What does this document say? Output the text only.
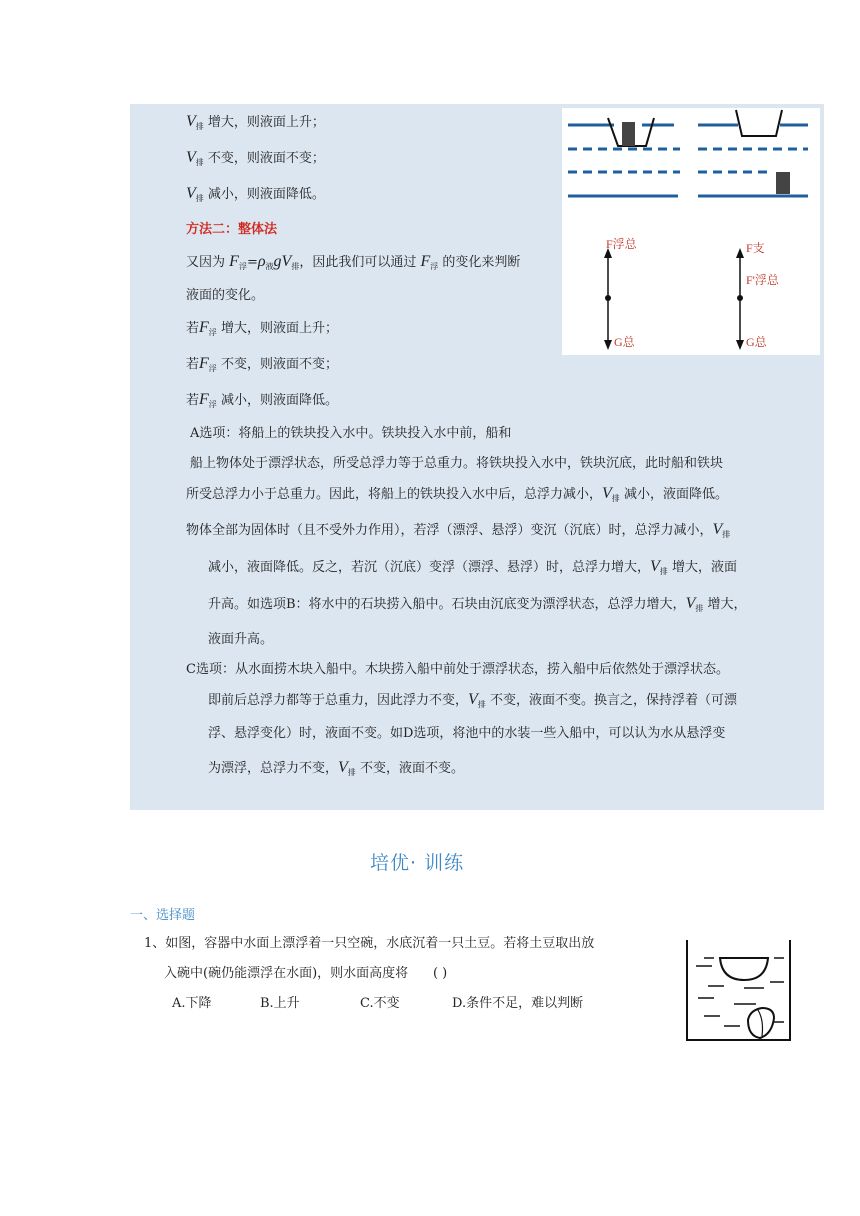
$V_排$ 增大，则液面上升；
$V_排$ 不变，则液面不变；
$V_排$ 减小，则液面降低。
方法二：整体法
又因为 $F_浮=\rho_液gV_排$，因此我们可以通过 $F_浮$ 的变化来判断
液面的变化。
若$F_浮$ 增大，则液面上升；
若$F_浮$ 不变，则液面不变；
若$F_浮$ 减小，则液面降低。
A选项：将船上的铁块投入水中。铁块投入水中前，船和
船上物体处于漂浮状态，所受总浮力等于总重力。将铁块投入水中，铁块沉底，此时船和铁块
所受总浮力小于总重力。因此，将船上的铁块投入水中后，总浮力减小，$V_排$ 减小，液面降低。
物体全部为固体时（且不受外力作用），若浮（漂浮、悬浮）变沉（沉底）时，总浮力减小，$V_排$
减小，液面降低。反之，若沉（沉底）变浮（漂浮、悬浮）时，总浮力增大，$V_排$ 增大，液面
升高。如选项B：将水中的石块捞入船中。石块由沉底变为漂浮状态，总浮力增大，$V_排$ 增大，
液面升高。
C选项：从水面捞木块入船中。木块捞入船中前处于漂浮状态，捞入船中后依然处于漂浮状态。
即前后总浮力都等于总重力，因此浮力不变，$V_排$ 不变，液面不变。换言之，保持浮着（可漂
浮、悬浮变化）时，液面不变。如D选项，将池中的水装一些入船中，可以认为水从悬浮变
为漂浮，总浮力不变，$V_排$ 不变，液面不变。
F浮总
G总
F支
F'浮总
G总
培优· 训练
一、选择题
1、如图，容器中水面上漂浮着一只空碗，水底沉着一只土豆。若将土豆取出放
入碗中(碗仍能漂浮在水面)，则水面高度将 ( )
A.下降	B.上升	C.不变	D.条件不足，难以判断
